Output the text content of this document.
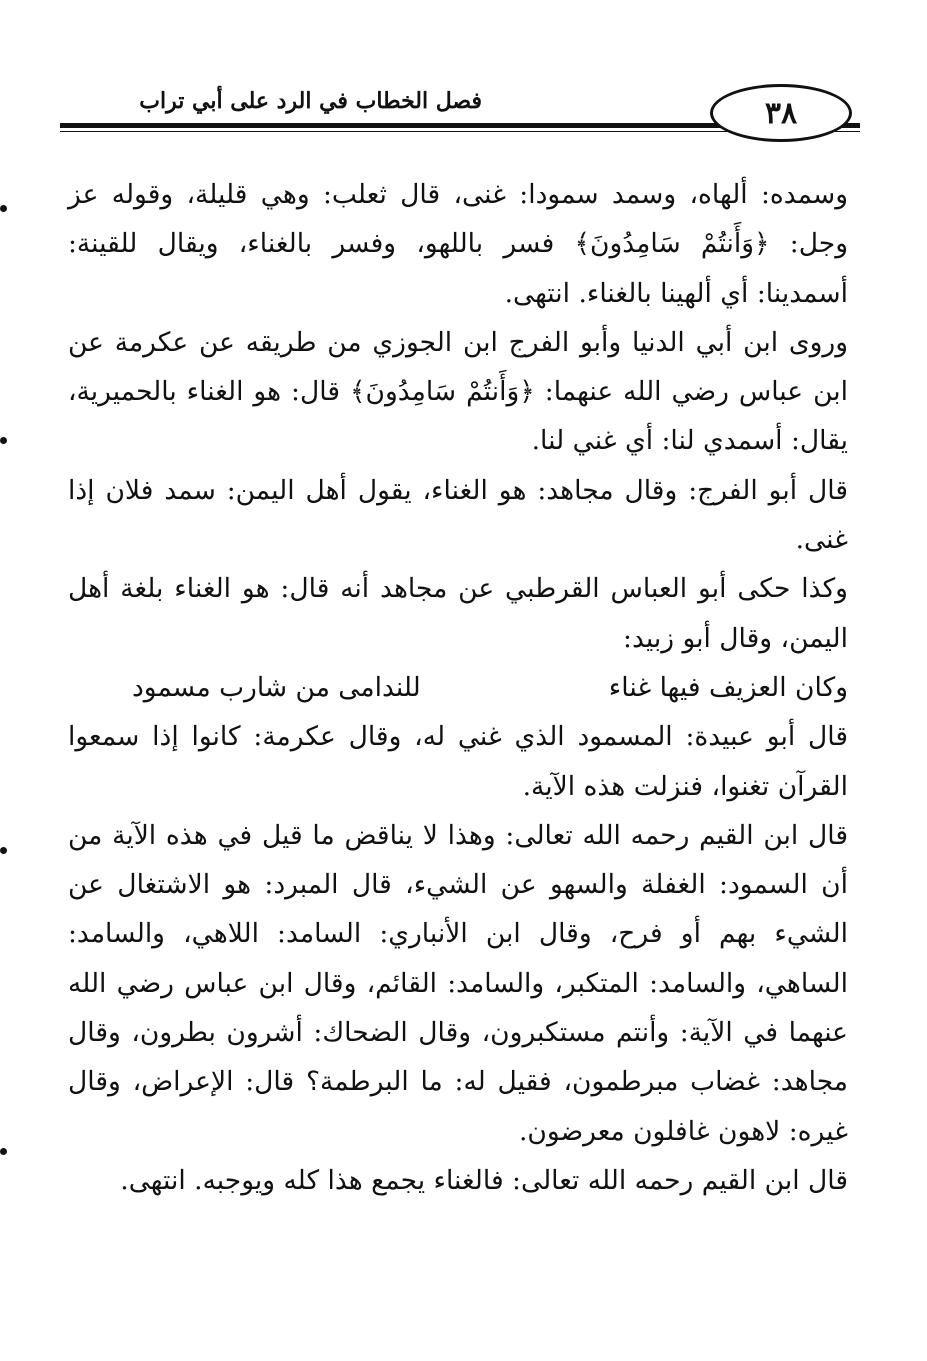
فصل الخطاب في الرد على أبي تراب	٣٨

وسمده: ألهاه، وسمد سمودا: غنى، قال ثعلب: وهي قليلة، وقوله عز وجل: ﴿وَأَنتُمْ سَامِدُونَ﴾ فسر باللهو، وفسر بالغناء، ويقال للقينة: أسمدينا: أي ألهينا بالغناء. انتهى.

وروى ابن أبي الدنيا وأبو الفرج ابن الجوزي من طريقه عن عكرمة عن ابن عباس رضي الله عنهما: ﴿وَأَنتُمْ سَامِدُونَ﴾ قال: هو الغناء بالحميرية، يقال: أسمدي لنا: أي غني لنا.

قال أبو الفرج: وقال مجاهد: هو الغناء، يقول أهل اليمن: سمد فلان إذا غنى.

وكذا حكى أبو العباس القرطبي عن مجاهد أنه قال: هو الغناء بلغة أهل اليمن، وقال أبو زبيد:

وكان العزيف فيها غناء
للندامى من شارب مسمود

قال أبو عبيدة: المسمود الذي غني له، وقال عكرمة: كانوا إذا سمعوا القرآن تغنوا، فنزلت هذه الآية.

قال ابن القيم رحمه الله تعالى: وهذا لا يناقض ما قيل في هذه الآية من أن السمود: الغفلة والسهو عن الشيء، قال المبرد: هو الاشتغال عن الشيء بهم أو فرح، وقال ابن الأنباري: السامد: اللاهي، والسامد: الساهي، والسامد: المتكبر، والسامد: القائم، وقال ابن عباس رضي الله عنهما في الآية: وأنتم مستكبرون، وقال الضحاك: أشرون بطرون، وقال مجاهد: غضاب مبرطمون، فقيل له: ما البرطمة؟ قال: الإعراض، وقال غيره: لاهون غافلون معرضون.

قال ابن القيم رحمه الله تعالى: فالغناء يجمع هذا كله ويوجبه. انتهى.
